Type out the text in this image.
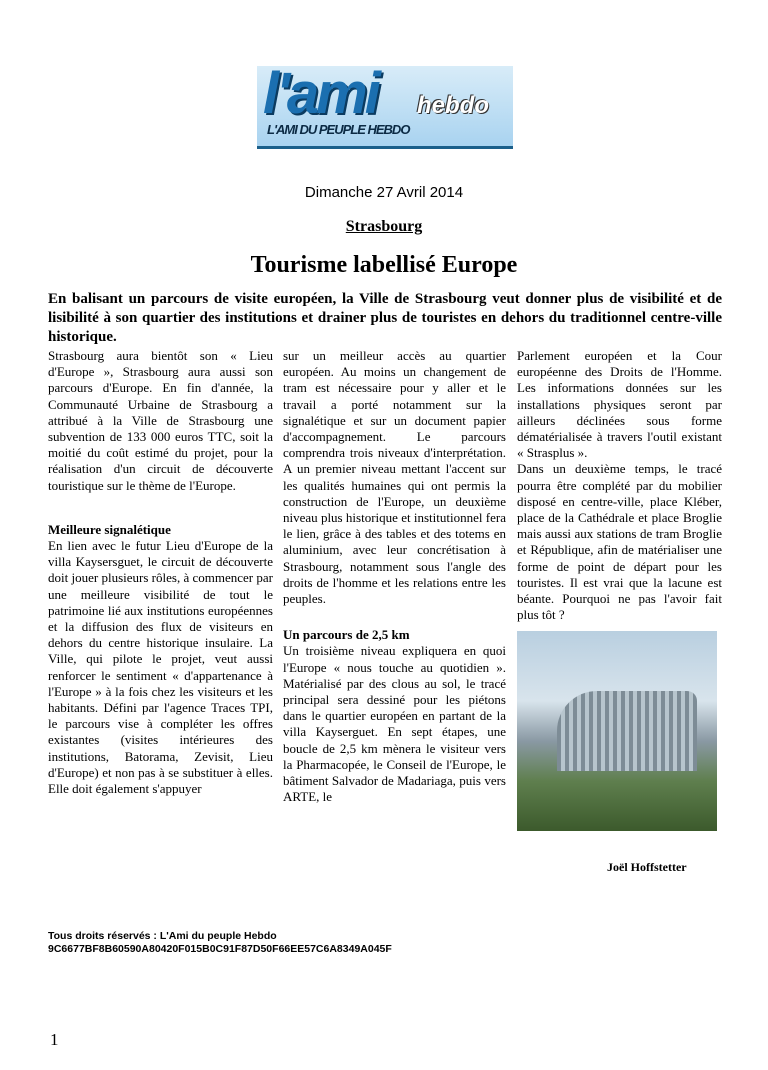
l'ami hebdo
L'AMI DU PEUPLE HEBDO
Dimanche 27 Avril 2014
Strasbourg
Tourisme labellisé Europe
En balisant un parcours de visite européen, la Ville de Strasbourg veut donner plus de visibilité et de lisibilité à son quartier des institutions et drainer plus de touristes en dehors du traditionnel centre-ville historique.

Strasbourg aura bientôt son « Lieu d'Europe », Strasbourg aura aussi son parcours d'Europe. En fin d'année, la Communauté Urbaine de Strasbourg a attribué à la Ville de Strasbourg une subvention de 133 000 euros TTC, soit la moitié du coût estimé du projet, pour la réalisation d'un circuit de découverte touristique sur le thème de l'Europe.

Meilleure signalétique

En lien avec le futur Lieu d'Europe de la villa Kaysersguet, le circuit de découverte doit jouer plusieurs rôles, à commencer par une meilleure visibilité de tout le patrimoine lié aux institutions européennes et la diffusion des flux de visiteurs en dehors du centre historique insulaire. La Ville, qui pilote le projet, veut aussi renforcer le sentiment « d'appartenance à l'Europe » à la fois chez les visiteurs et les habitants. Défini par l'agence Traces TPI, le parcours vise à compléter les offres existantes (visites intérieures des institutions, Batorama, Zevisit, Lieu d'Europe) et non pas à se substituer à elles. Elle doit également s'appuyer

sur un meilleur accès au quartier européen. Au moins un changement de tram est nécessaire pour y aller et le travail a porté notamment sur la signalétique et sur un document papier d'accompagnement. Le parcours comprendra trois niveaux d'interprétation. A un premier niveau mettant l'accent sur les qualités humaines qui ont permis la construction de l'Europe, un deuxième niveau plus historique et institutionnel fera le lien, grâce à des tables et des totems en aluminium, avec leur concrétisation à Strasbourg, notamment sous l'angle des droits de l'homme et les relations entre les peuples.

Un parcours de 2,5 km

Un troisième niveau expliquera en quoi l'Europe « nous touche au quotidien ». Matérialisé par des clous au sol, le tracé principal sera dessiné pour les piétons dans le quartier européen en partant de la villa Kayserguet. En sept étapes, une boucle de 2,5 km mènera le visiteur vers la Pharmacopée, le Conseil de l'Europe, le bâtiment Salvador de Madariaga, puis vers ARTE, le

Parlement européen et la Cour européenne des Droits de l'Homme. Les informations données sur les installations physiques seront par ailleurs déclinées sous forme dématérialisée à travers l'outil existant « Strasplus ».

Dans un deuxième temps, le tracé pourra être complété par du mobilier disposé en centre-ville, place Kléber, place de la Cathédrale et place Broglie mais aussi aux stations de tram Broglie et République, afin de matérialiser une forme de point de départ pour les touristes. Il est vrai que la lacune est béante. Pourquoi ne pas l'avoir fait plus tôt ?

Joël Hoffstetter
Tous droits réservés : L'Ami du peuple Hebdo
9C6677BF8B60590A80420F015B0C91F87D50F66EE57C6A8349A045F
1
